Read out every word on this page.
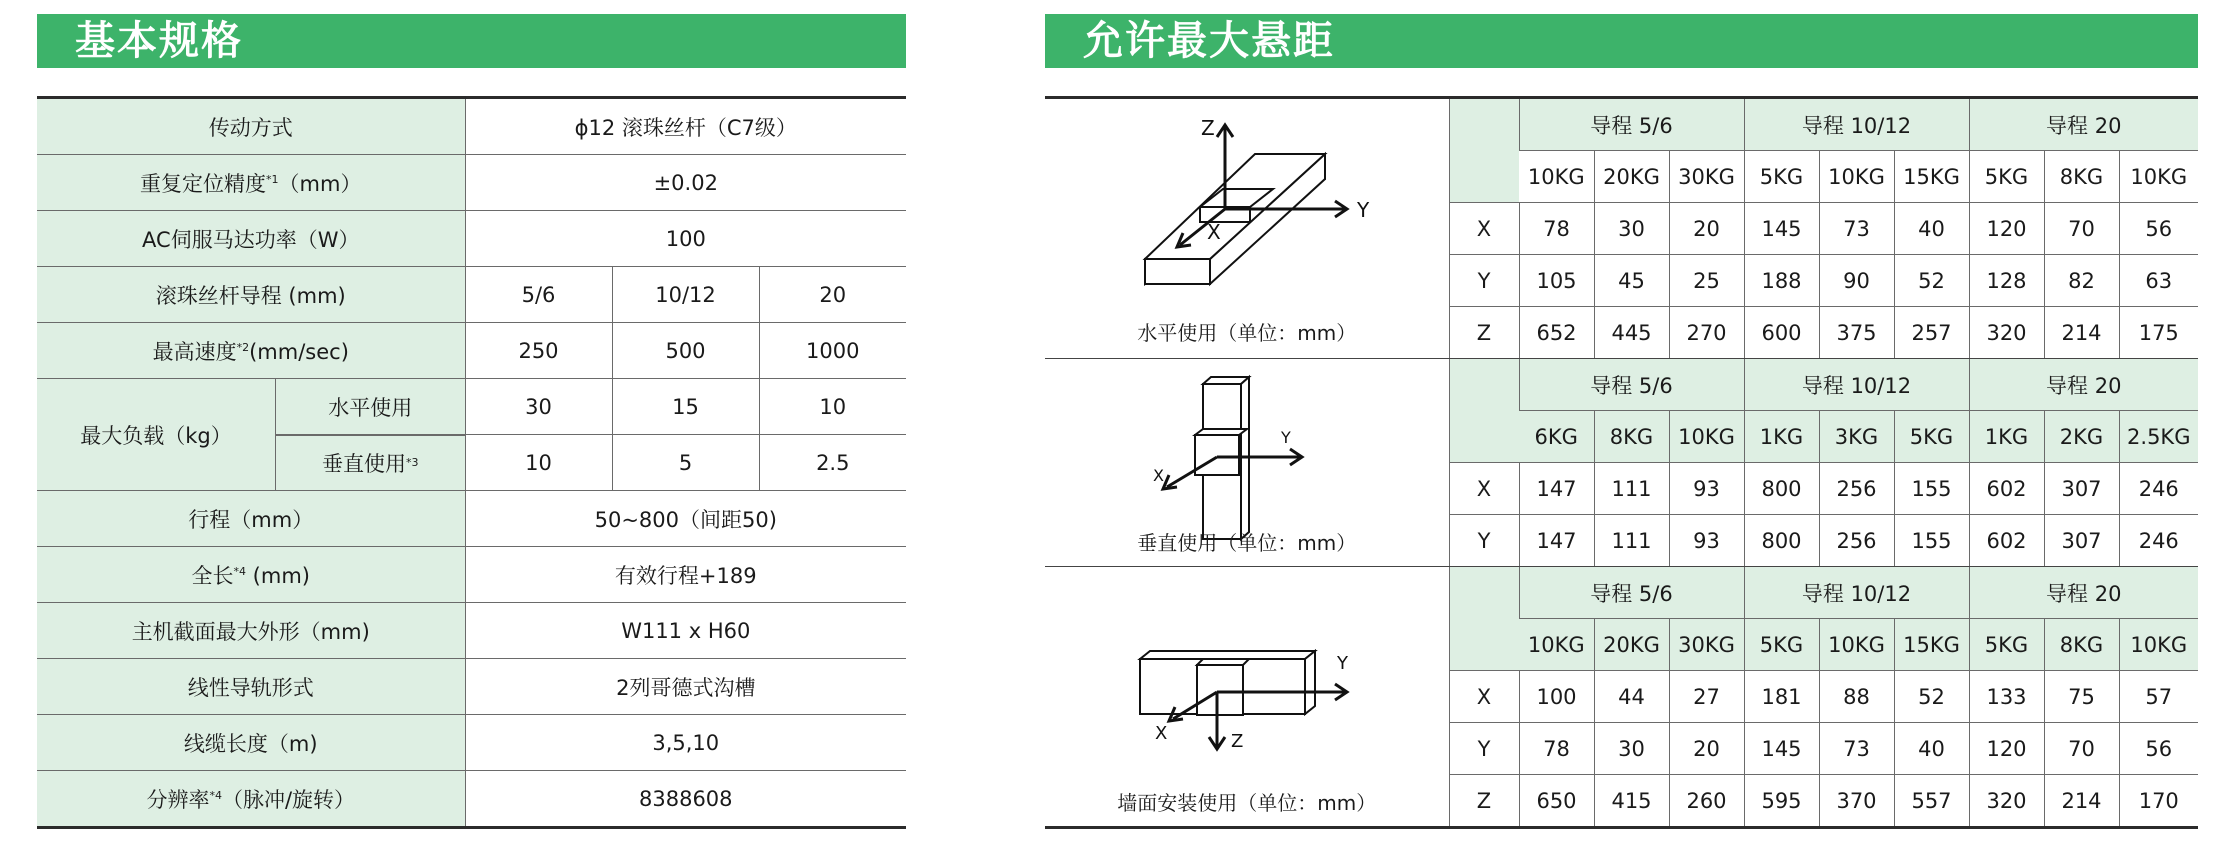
基本规格	允许最大悬距
传动方式	ϕ12 滚珠丝杆（C7级）		
重复定位精度$^{*1}$（mm）	±0.02		
AC伺服马达功率（W）	100		
滚珠丝杆导程 (mm)	5/6	10/12	20
最高速度$^{*2}$(mm/sec)	250	500	1000

最大负载（kg）
水平使用	30	15	10

垂直使用 *3	10	5	2.5
行程（mm）	50~800（间距50)		
全长$^{*4}$ (mm)	有效行程+189		
主机截面最大外形（mm)	W111 x H60		
线性导轨形式	2列哥德式沟槽		
线缆长度（m)	3,5,10		
分辨率$^{*4}$（脉冲/旋转）	8388608		
Z
Y
X
水平使用（单位：mm）		导程 5/6			导程 10/12			导程 20		
		10KG	20KG	30KG	5KG	10KG	15KG	5KG	8KG	10KG
	X	78	30	20	145	73	40	120	70	56
	Y	105	45	25	188	90	52	128	82	63
	Z	652	445	270	600	375	257	320	214	175

Y
X
垂直使用（单位：mm）		导程 5/6			导程 10/12			导程 20		
		6KG	8KG	10KG	1KG	3KG	5KG	1KG	2KG	2.5KG
	X	147	111	93	800	256	155	602	307	246
	Y	147	111	93	800	256	155	602	307	246

Y
X Z
墙面安装使用（单位：mm）		导程 5/6			导程 10/12			导程 20		
		10KG	20KG	30KG	5KG	10KG	15KG	5KG	8KG	10KG
	X	100	44	27	181	88	52	133	75	57
	Y	78	30	20	145	73	40	120	70	56
	Z	650	415	260	595	370	557	320	214	170
